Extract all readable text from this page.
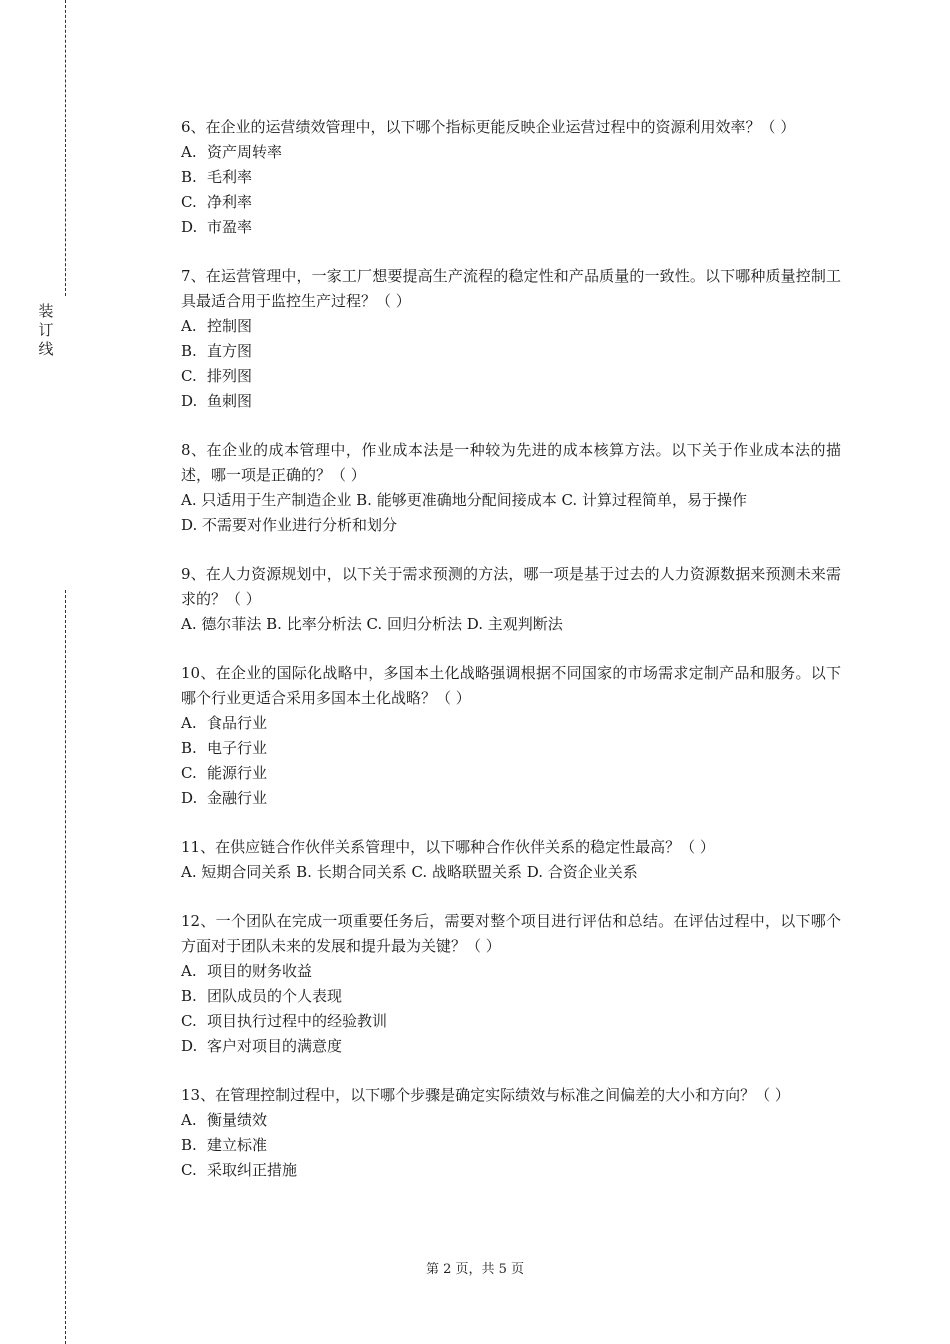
装
订
线
6、在企业的运营绩效管理中，以下哪个指标更能反映企业运营过程中的资源利用效率？（ ）
A. 资产周转率
B. 毛利率
C. 净利率
D. 市盈率
7、在运营管理中，一家工厂想要提高生产流程的稳定性和产品质量的一致性。以下哪种质量控制工具最适合用于监控生产过程？（ ）
A. 控制图
B. 直方图
C. 排列图
D. 鱼刺图
8、在企业的成本管理中，作业成本法是一种较为先进的成本核算方法。以下关于作业成本法的描述，哪一项是正确的？（ ）
A. 只适用于生产制造企业 B. 能够更准确地分配间接成本 C. 计算过程简单，易于操作
D. 不需要对作业进行分析和划分
9、在人力资源规划中，以下关于需求预测的方法，哪一项是基于过去的人力资源数据来预测未来需求的？（ ）
A. 德尔菲法 B. 比率分析法 C. 回归分析法 D. 主观判断法
10、在企业的国际化战略中，多国本土化战略强调根据不同国家的市场需求定制产品和服务。以下哪个行业更适合采用多国本土化战略？（ ）
A. 食品行业
B. 电子行业
C. 能源行业
D. 金融行业
11、在供应链合作伙伴关系管理中，以下哪种合作伙伴关系的稳定性最高？（ ）
A. 短期合同关系 B. 长期合同关系 C. 战略联盟关系 D. 合资企业关系
12、一个团队在完成一项重要任务后，需要对整个项目进行评估和总结。在评估过程中，以下哪个方面对于团队未来的发展和提升最为关键？（ ）
A. 项目的财务收益
B. 团队成员的个人表现
C. 项目执行过程中的经验教训
D. 客户对项目的满意度
13、在管理控制过程中，以下哪个步骤是确定实际绩效与标准之间偏差的大小和方向？（ ）
A. 衡量绩效
B. 建立标准
C. 采取纠正措施
第 2 页，共 5 页
